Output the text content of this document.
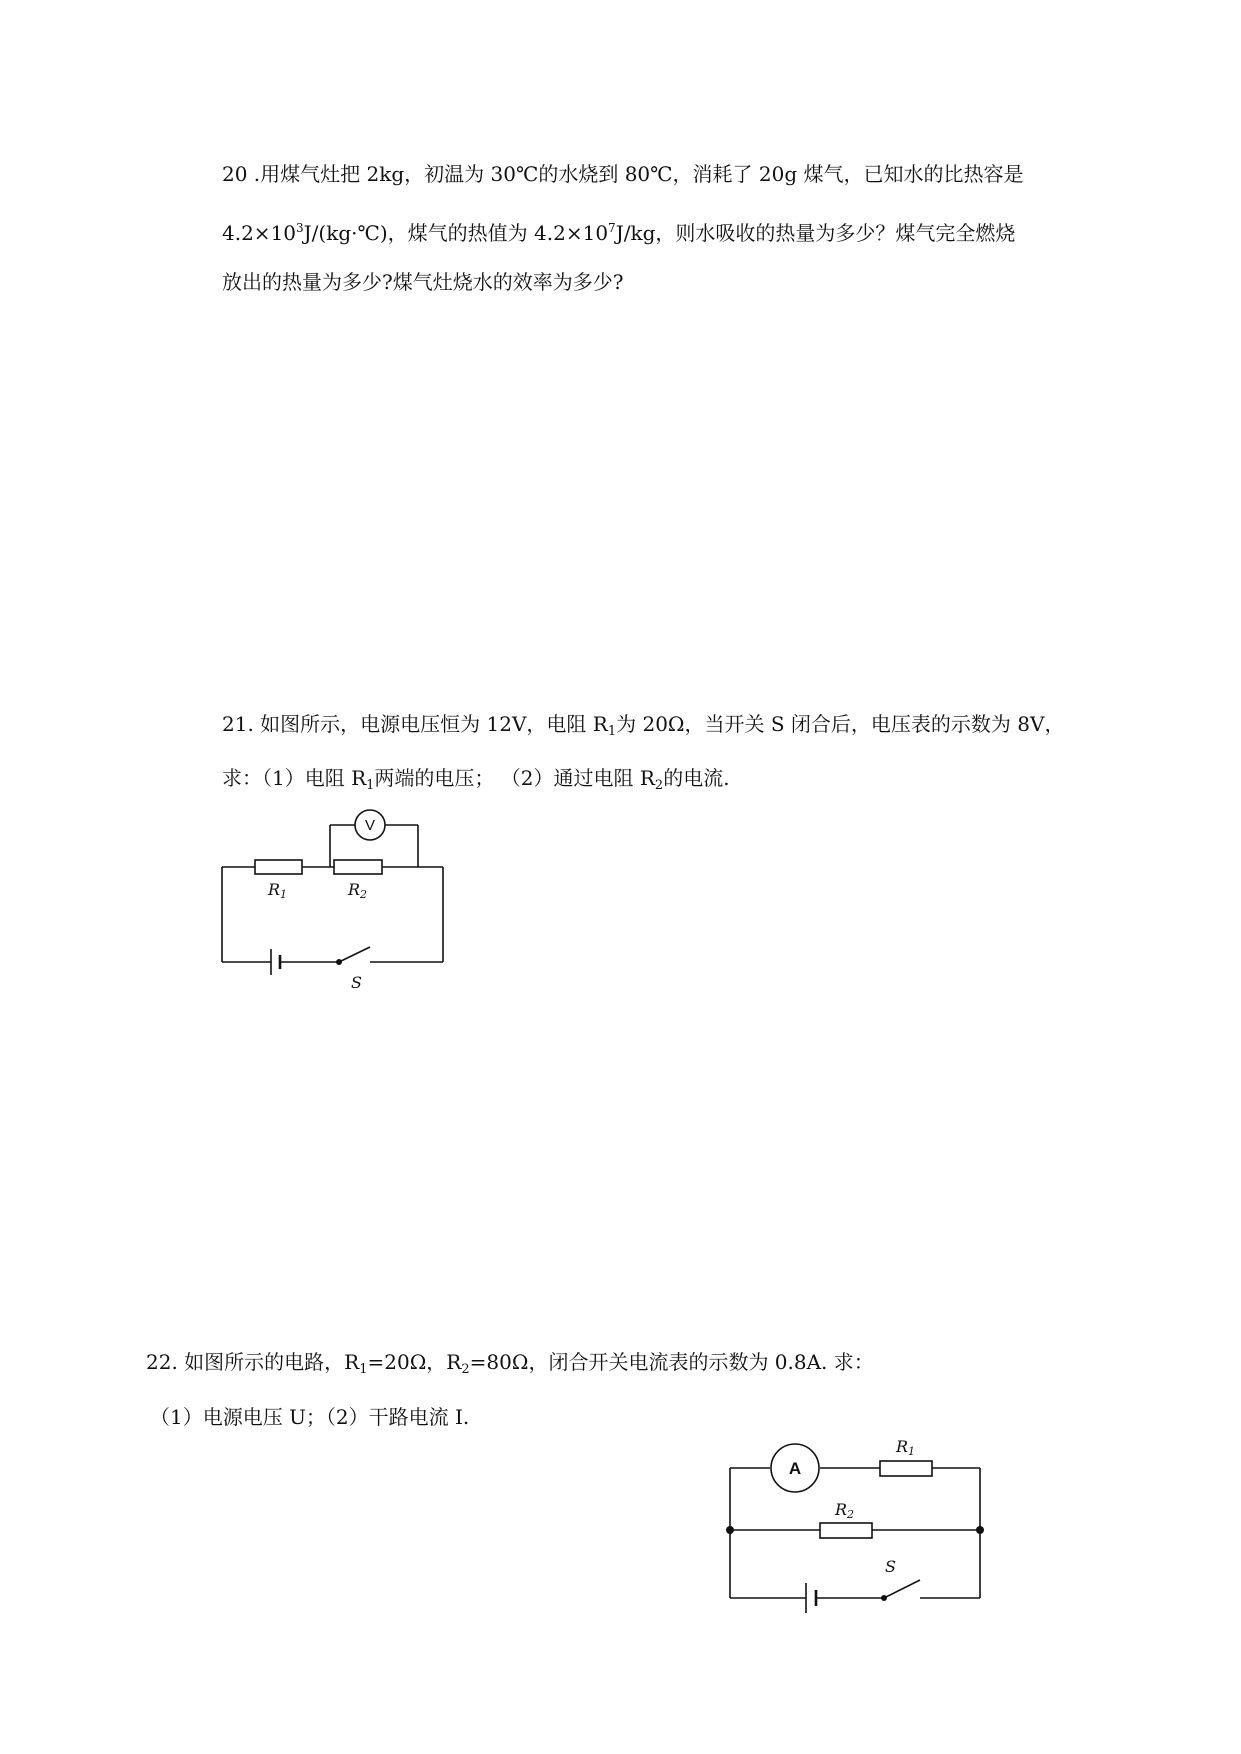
20 .用煤气灶把 2kg，初温为 30℃的水烧到 80℃，消耗了 20g 煤气，已知水的比热容是
$4.2\times 10^3J/(kg\cdot℃)$，煤气的热值为 $4.2\times 10^7J/kg$，则水吸收的热量为多少？煤气完全燃烧
放出的热量为多少?煤气灶烧水的效率为多少?
21. 如图所示，电源电压恒为 12V，电阻 $R_1$为 20Ω，当开关 S 闭合后，电压表的示数为 8V，
求：（1）电阻 $R_1$两端的电压； （2）通过电阻 $R_2$的电流.
V
R1	R2
S
22. 如图所示的电路，$R_1=20\Omega$，$R_2=80\Omega$，闭合开关电流表的示数为 0.8A. 求：
（1）电源电压 U；（2）干路电流 I.
A
R1
R2
S
